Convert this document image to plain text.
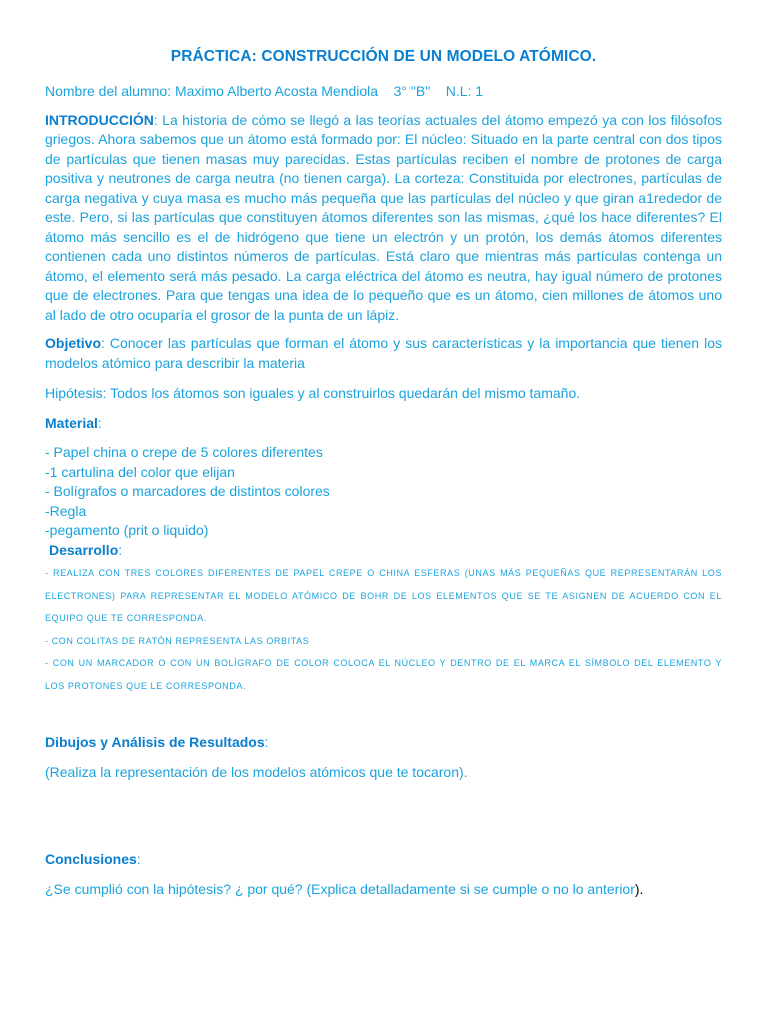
PRÁCTICA: CONSTRUCCIÓN DE UN MODELO ATÓMICO.

Nombre del alumno: Maximo Alberto Acosta Mendiola    3° "B"    N.L: 1

INTRODUCCIÓN: La historia de cómo se llegó a las teorías actuales del átomo empezó ya con los filósofos griegos. Ahora sabemos que un átomo está formado por: El núcleo: Situado en la parte central con dos tipos de partículas que tienen masas muy parecidas. Estas partículas reciben el nombre de protones de carga positiva y neutrones de carga neutra (no tienen carga). La corteza: Constituida por electrones, partículas de carga negativa y cuya masa es mucho más pequeña que las partículas del núcleo y que giran a1rededor de este. Pero, si las partículas que constituyen átomos diferentes son las mismas, ¿qué los hace diferentes? El átomo más sencillo es el de hidrógeno que tiene un electrón y un protón, los demás átomos diferentes contienen cada uno distintos números de partículas. Está claro que mientras más partículas contenga un átomo, el elemento será más pesado. La carga eléctrica del átomo es neutra, hay igual número de protones que de electrones. Para que tengas una idea de lo pequeño que es un átomo, cien millones de átomos uno al lado de otro ocuparía el grosor de la punta de un lápiz.

Objetivo: Conocer las partículas que forman el átomo y sus características y la importancia que tienen los modelos atómico para describir la materia

Hipótesis: Todos los átomos son iguales y al construirlos quedarán del mismo tamaño.

Material:

- Papel china o crepe de 5 colores diferentes

-1 cartulina del color que elijan

- Bolígrafos o marcadores de distintos colores

-Regla

-pegamento (prit o liquido)

Desarrollo:

- REALIZA CON TRES COLORES DIFERENTES DE PAPEL CREPE O CHINA ESFERAS (UNAS MÁS PEQUEÑAS QUE REPRESENTARÁN LOS ELECTRONES) PARA REPRESENTAR EL MODELO ATÓMICO DE BOHR DE LOS ELEMENTOS QUE SE TE ASIGNEN DE ACUERDO CON EL EQUIPO QUE TE CORRESPONDA.
- CON COLITAS DE RATÓN REPRESENTA LAS ORBITAS
- CON UN MARCADOR O CON UN BOLÍGRAFO DE COLOR COLOCA EL NÚCLEO Y DENTRO DE EL MARCA EL SÍMBOLO DEL ELEMENTO Y LOS PROTONES QUE LE CORRESPONDA.

Dibujos y Análisis de Resultados:

(Realiza la representación de los modelos atómicos que te tocaron).

Conclusiones:

¿Se cumplió con la hipótesis? ¿ por qué? (Explica detalladamente si se cumple o no lo anterior).
